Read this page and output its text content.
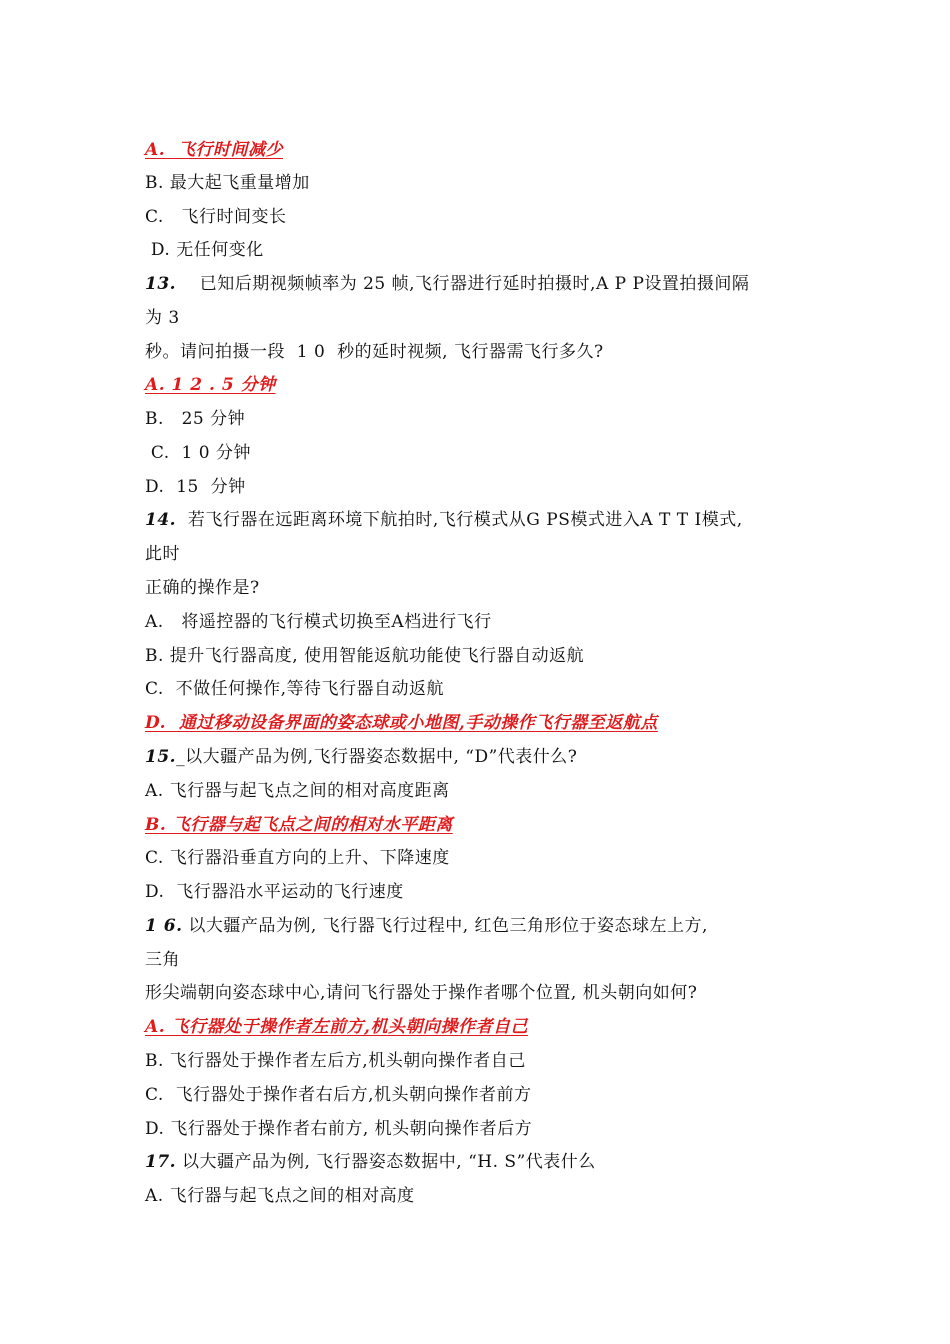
A.  飞行时间减少
B. 最大起飞重量增加
C.   飞行时间变长
D. 无任何变化
13.    已知后期视频帧率为 25 帧,飞行器进行延时拍摄时,A P P设置拍摄间隔
为 3
秒。请问拍摄一段  1 0  秒的延时视频, 飞行器需飞行多久?
A. 1 2 . 5 分钟
B.   25 分钟
C.  1 0 分钟
D.  15  分钟
14.  若飞行器在远距离环境下航拍时,飞行模式从G PS模式进入A T T I模式,
此时
正确的操作是?
A.   将遥控器的飞行模式切换至A档进行飞行
B. 提升飞行器高度, 使用智能返航功能使飞行器自动返航
C.  不做任何操作,等待飞行器自动返航
D.  通过移动设备界面的姿态球或小地图,手动操作飞行器至返航点
15._以大疆产品为例,飞行器姿态数据中, “D”代表什么?
A. 飞行器与起飞点之间的相对高度距离
B. 飞行器与起飞点之间的相对水平距离
C. 飞行器沿垂直方向的上升、下降速度
D.  飞行器沿水平运动的飞行速度
1 6. 以大疆产品为例, 飞行器飞行过程中, 红色三角形位于姿态球左上方,
三角
形尖端朝向姿态球中心,请问飞行器处于操作者哪个位置, 机头朝向如何?
A. 飞行器处于操作者左前方,机头朝向操作者自己
B. 飞行器处于操作者左后方,机头朝向操作者自己
C.  飞行器处于操作者右后方,机头朝向操作者前方
D. 飞行器处于操作者右前方, 机头朝向操作者后方
17. 以大疆产品为例, 飞行器姿态数据中, “H. S”代表什么
A. 飞行器与起飞点之间的相对高度
